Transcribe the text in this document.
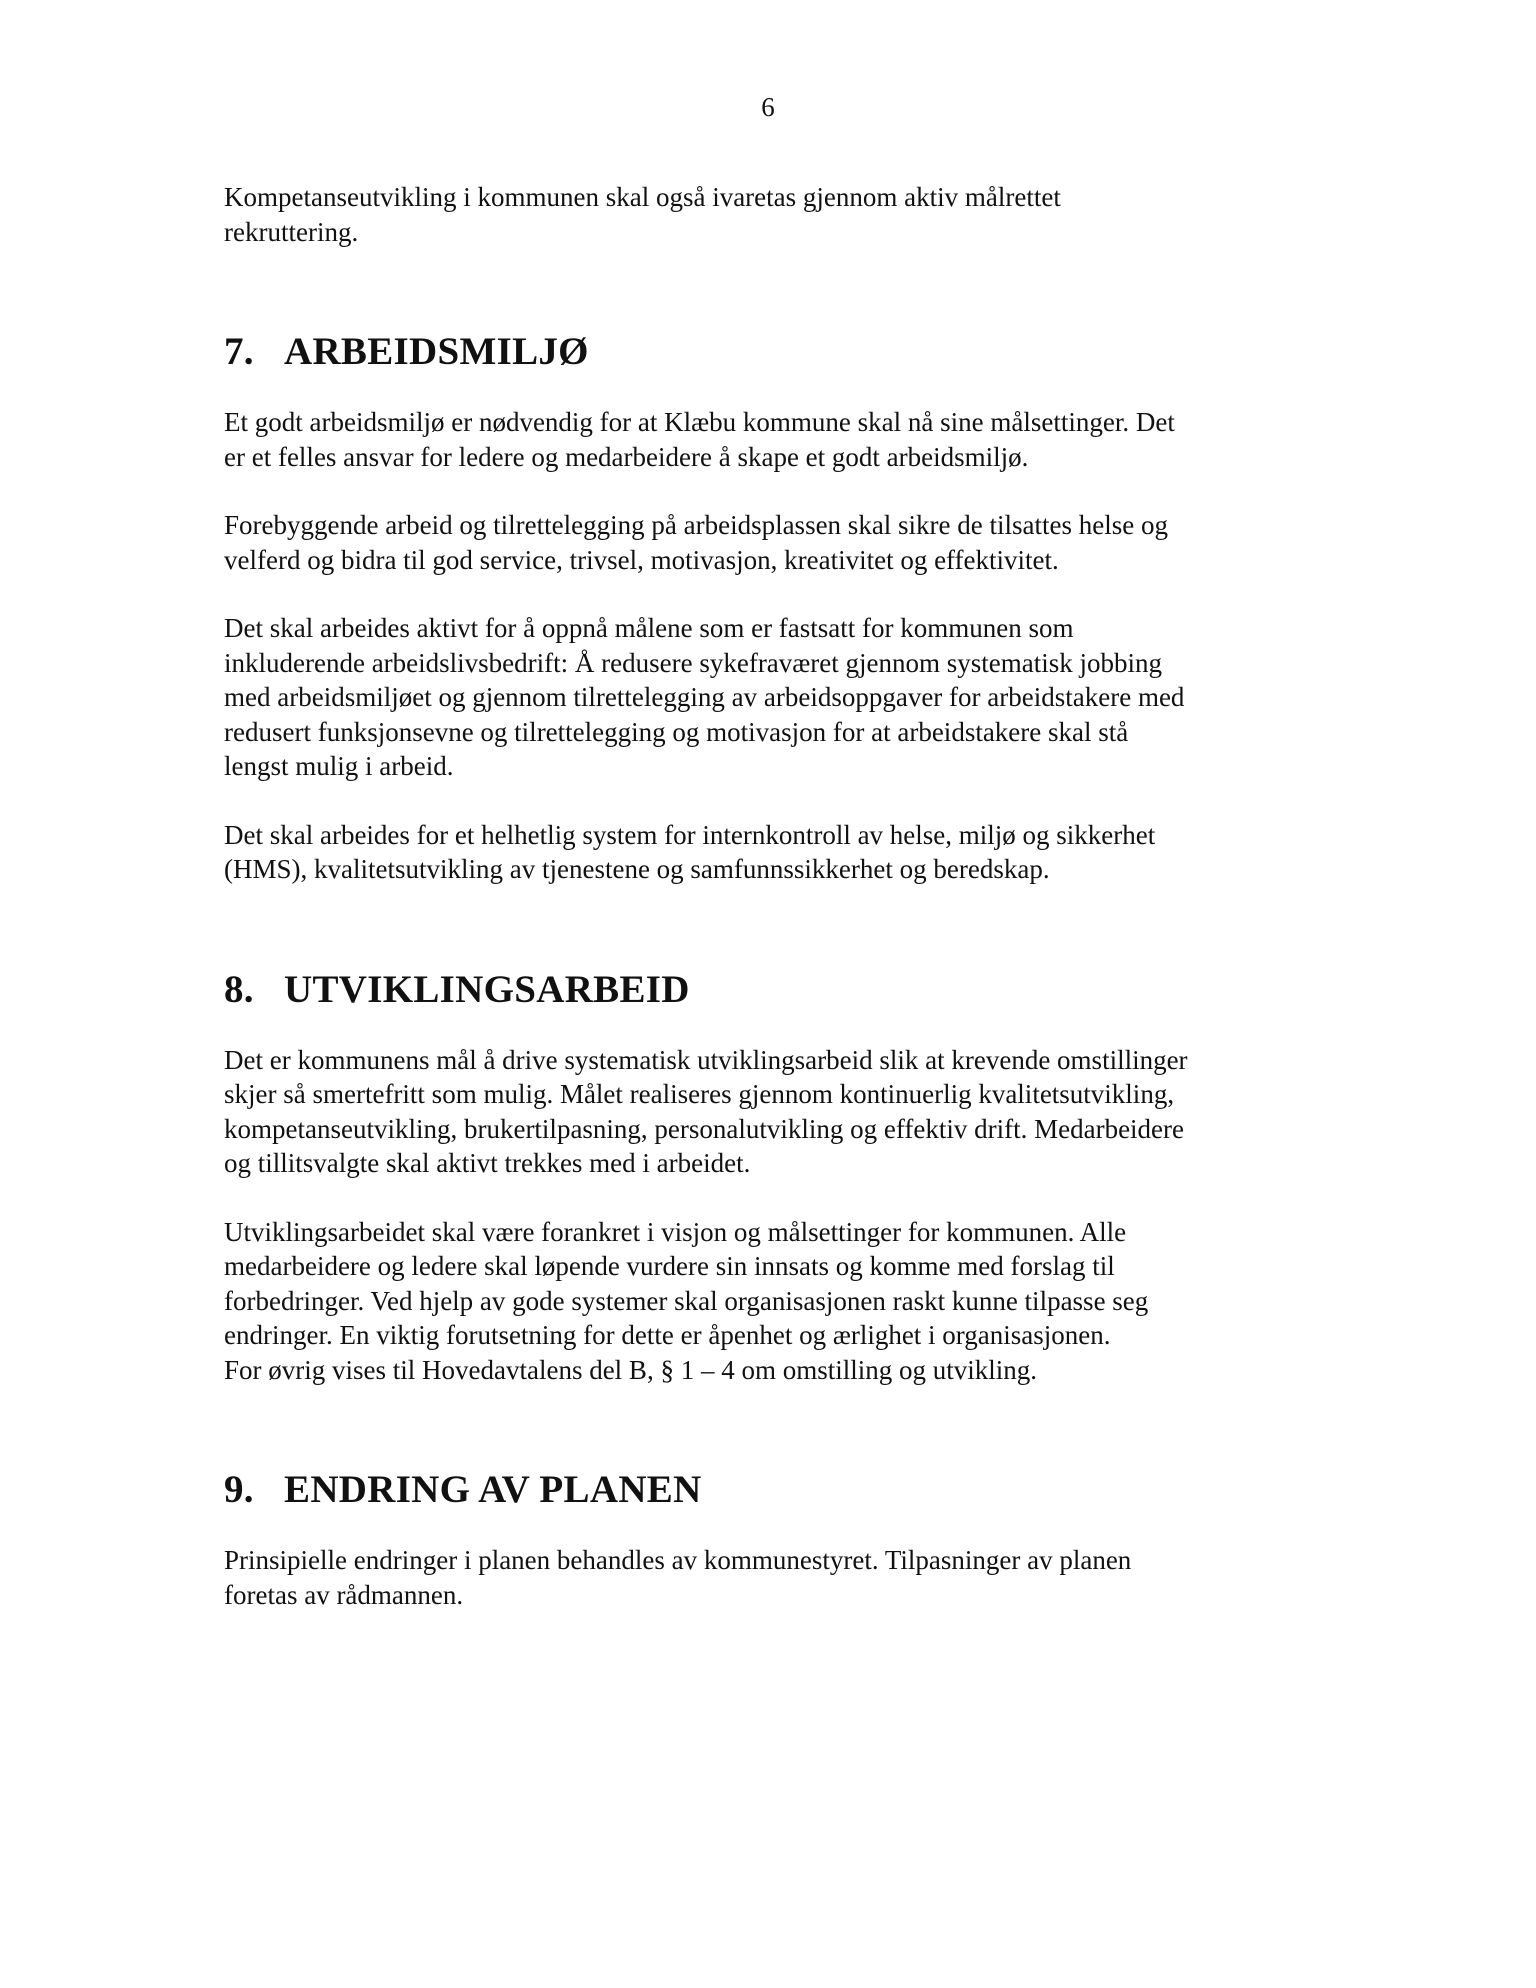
6

Kompetanseutvikling i kommunen skal også ivaretas gjennom aktiv målrettet
rekruttering.

7. ARBEIDSMILJØ

Et godt arbeidsmiljø er nødvendig for at Klæbu kommune skal nå sine målsettinger. Det
er et felles ansvar for ledere og medarbeidere å skape et godt arbeidsmiljø.

Forebyggende arbeid og tilrettelegging på arbeidsplassen skal sikre de tilsattes helse og
velferd og bidra til god service, trivsel, motivasjon, kreativitet og effektivitet.

Det skal arbeides aktivt for å oppnå målene som er fastsatt for kommunen som
inkluderende arbeidslivsbedrift: Å redusere sykefraværet gjennom systematisk jobbing
med arbeidsmiljøet og gjennom tilrettelegging av arbeidsoppgaver for arbeidstakere med
redusert funksjonsevne og tilrettelegging og motivasjon for at arbeidstakere skal stå
lengst mulig i arbeid.

Det skal arbeides for et helhetlig system for internkontroll av helse, miljø og sikkerhet
(HMS), kvalitetsutvikling av tjenestene og samfunnssikkerhet og beredskap.

8. UTVIKLINGSARBEID

Det er kommunens mål å drive systematisk utviklingsarbeid slik at krevende omstillinger
skjer så smertefritt som mulig. Målet realiseres gjennom kontinuerlig kvalitetsutvikling,
kompetanseutvikling, brukertilpasning, personalutvikling og effektiv drift. Medarbeidere
og tillitsvalgte skal aktivt trekkes med i arbeidet.

Utviklingsarbeidet skal være forankret i visjon og målsettinger for kommunen. Alle
medarbeidere og ledere skal løpende vurdere sin innsats og komme med forslag til
forbedringer. Ved hjelp av gode systemer skal organisasjonen raskt kunne tilpasse seg
endringer. En viktig forutsetning for dette er åpenhet og ærlighet i organisasjonen.
For øvrig vises til Hovedavtalens del B, § 1 – 4 om omstilling og utvikling.

9. ENDRING AV PLANEN

Prinsipielle endringer i planen behandles av kommunestyret. Tilpasninger av planen
foretas av rådmannen.
